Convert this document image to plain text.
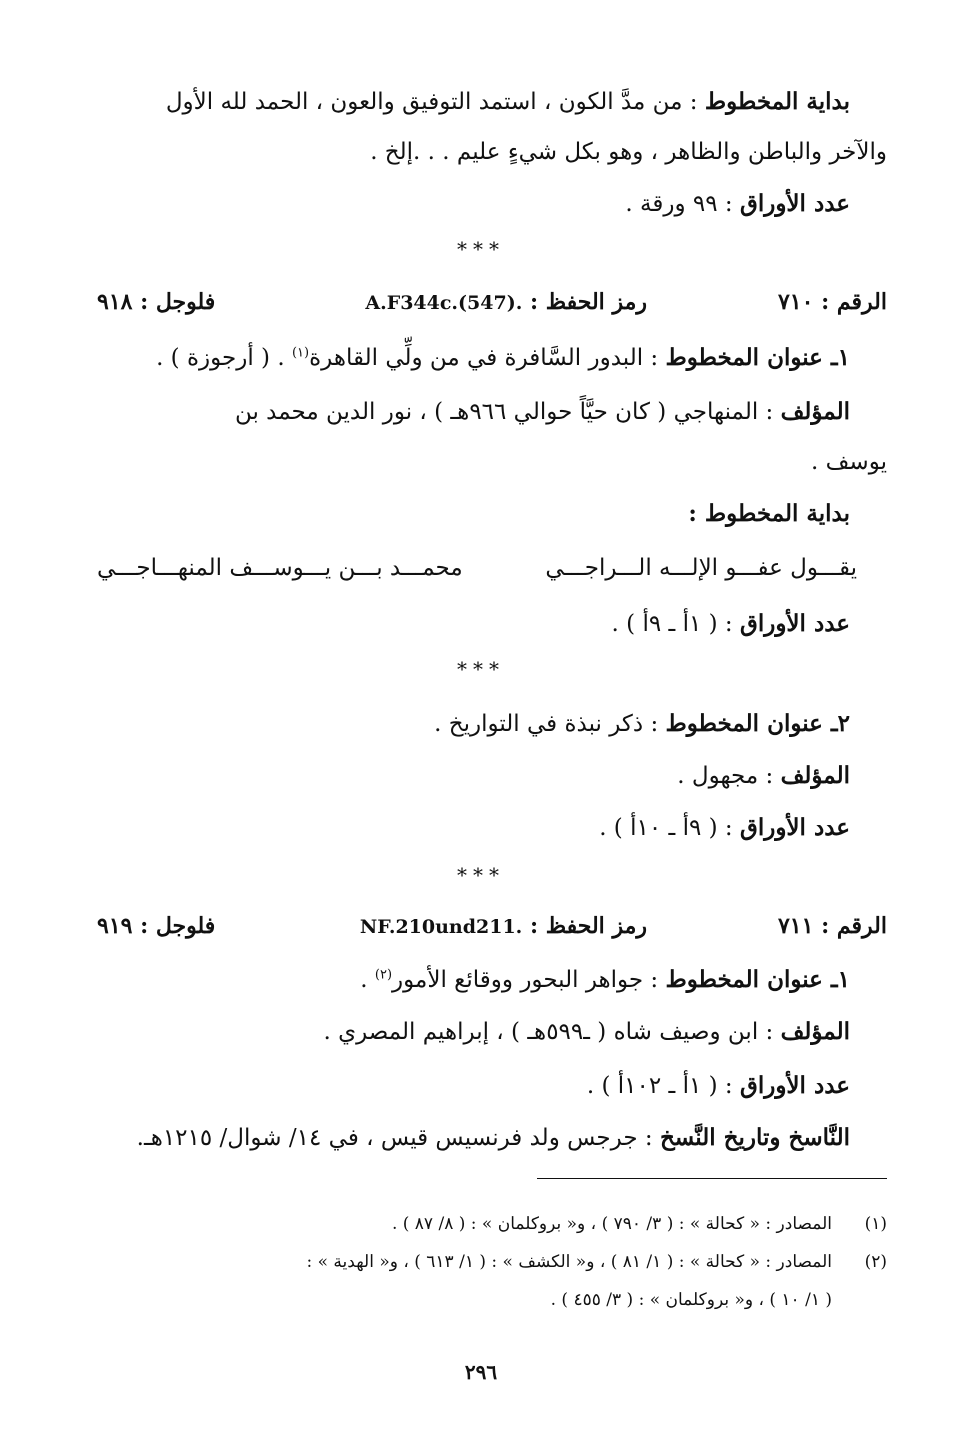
بداية المخطوط : من مدَّ الكون ، استمد التوفيق والعون ، الحمد لله الأول
والآخر والباطن والظاهر ، وهو بكل شيءٍ عليم . . .إلخ .
عدد الأوراق : ٩٩ ورقة .
***
الرقم : ٧١٠
رمز الحفظ : A.F344c.(547).
فلوجل : ٩١٨
١ـ عنوان المخطوط : البدور السَّافرة في من ولِّي القاهرة$^{(١)}$ . ( أرجوزة ) .
المؤلف : المنهاجي ( كان حيَّاً حوالي ٩٦٦هـ ) ، نور الدين محمد بن
يوسف .
بداية المخطوط :
يقـــول عفـــو الإلـــه الـــراجـــي
محمـــد بـــن يـــوســـف المنهـــاجـــي
عدد الأوراق : ( ١أ ـ ٩أ ) .
***
٢ـ عنوان المخطوط : ذكر نبذة في التواريخ .
المؤلف : مجهول .
عدد الأوراق : ( ٩أ ـ ١٠أ ) .
***
الرقم : ٧١١
رمز الحفظ : NF.210und211.
فلوجل : ٩١٩
١ـ عنوان المخطوط : جواهر البحور ووقائع الأمور$^{(٢)}$ .
المؤلف : ابن وصيف شاه ( ـ٥٩٩هـ ) ، إبراهيم المصري .
عدد الأوراق : ( ١أ ـ ١٠٢أ ) .
النَّاسخ وتاريخ النَّسخ : جرجس ولد فرنسيس قيس ، في ١٤/ شوال/ ١٢١٥هـ.
(١)
المصادر : « كحالة » : ( ٣/ ٧٩٠ ) ، و« بروكلمان » : ( ٨/ ٨٧ ) .
(٢)
المصادر : « كحالة » : ( ١/ ٨١ ) ، و« الكشف » : ( ١/ ٦١٣ ) ، و« الهدية » :
( ١/ ١٠ ) ، و« بروكلمان » : ( ٣/ ٤٥٥ ) .
٢٩٦
